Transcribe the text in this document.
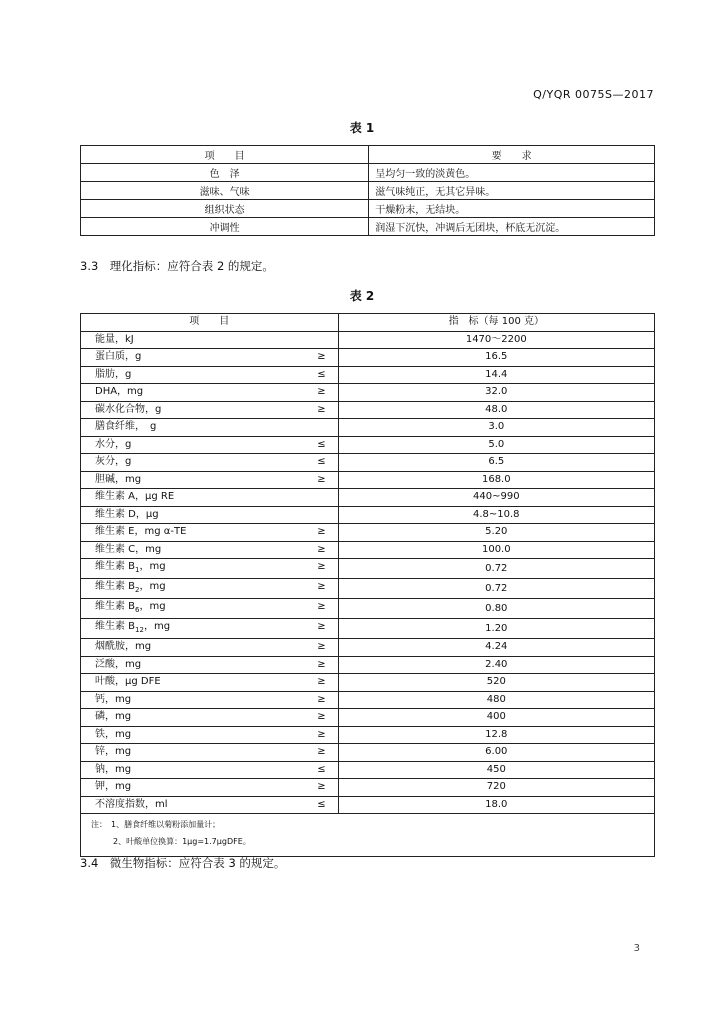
Q/YQR 0075S—2017
表 1
项　　目	要　　求
色　泽	呈均匀一致的淡黄色。
滋味、气味	滋气味纯正，无其它异味。
组织状态	干燥粉末，无结块。
冲调性	润湿下沉快，冲调后无团块，杯底无沉淀。
3.3　理化指标：应符合表 2 的规定。
表 2
项　　目	指　标（每 100 克）
能量，kJ	1470～2200
蛋白质，g ≥	16.5
脂肪，g ≤	14.4
DHA，mg ≥	32.0
碳水化合物，g ≥	48.0
膳食纤维，　g	3.0
水分，g ≤	5.0
灰分，g ≤	6.5
胆碱，mg ≥	168.0
维生素 A，μg RE	440~990
维生素 D，μg	4.8~10.8
维生素 E，mg α-TE ≥	5.20
维生素 C，mg ≥	100.0
维生素 $B_1$，mg ≥	0.72
维生素 $B_2$，mg ≥	0.72
维生素 $B_6$，mg ≥	0.80
维生素 $B_{12}$，mg ≥	1.20
烟酰胺，mg ≥	4.24
泛酸，mg ≥	2.40
叶酸，μg DFE ≥	520
钙，mg ≥	480
磷，mg ≥	400
铁，mg ≥	12.8
锌，mg ≥	6.00
钠，mg ≤	450
钾，mg ≥	720
不溶度指数，ml ≤	18.0

注：　1、膳食纤维以菊粉添加量计；
2、叶酸单位换算：1μg=1.7μgDFE。	
3.4　微生物指标：应符合表 3 的规定。
3
